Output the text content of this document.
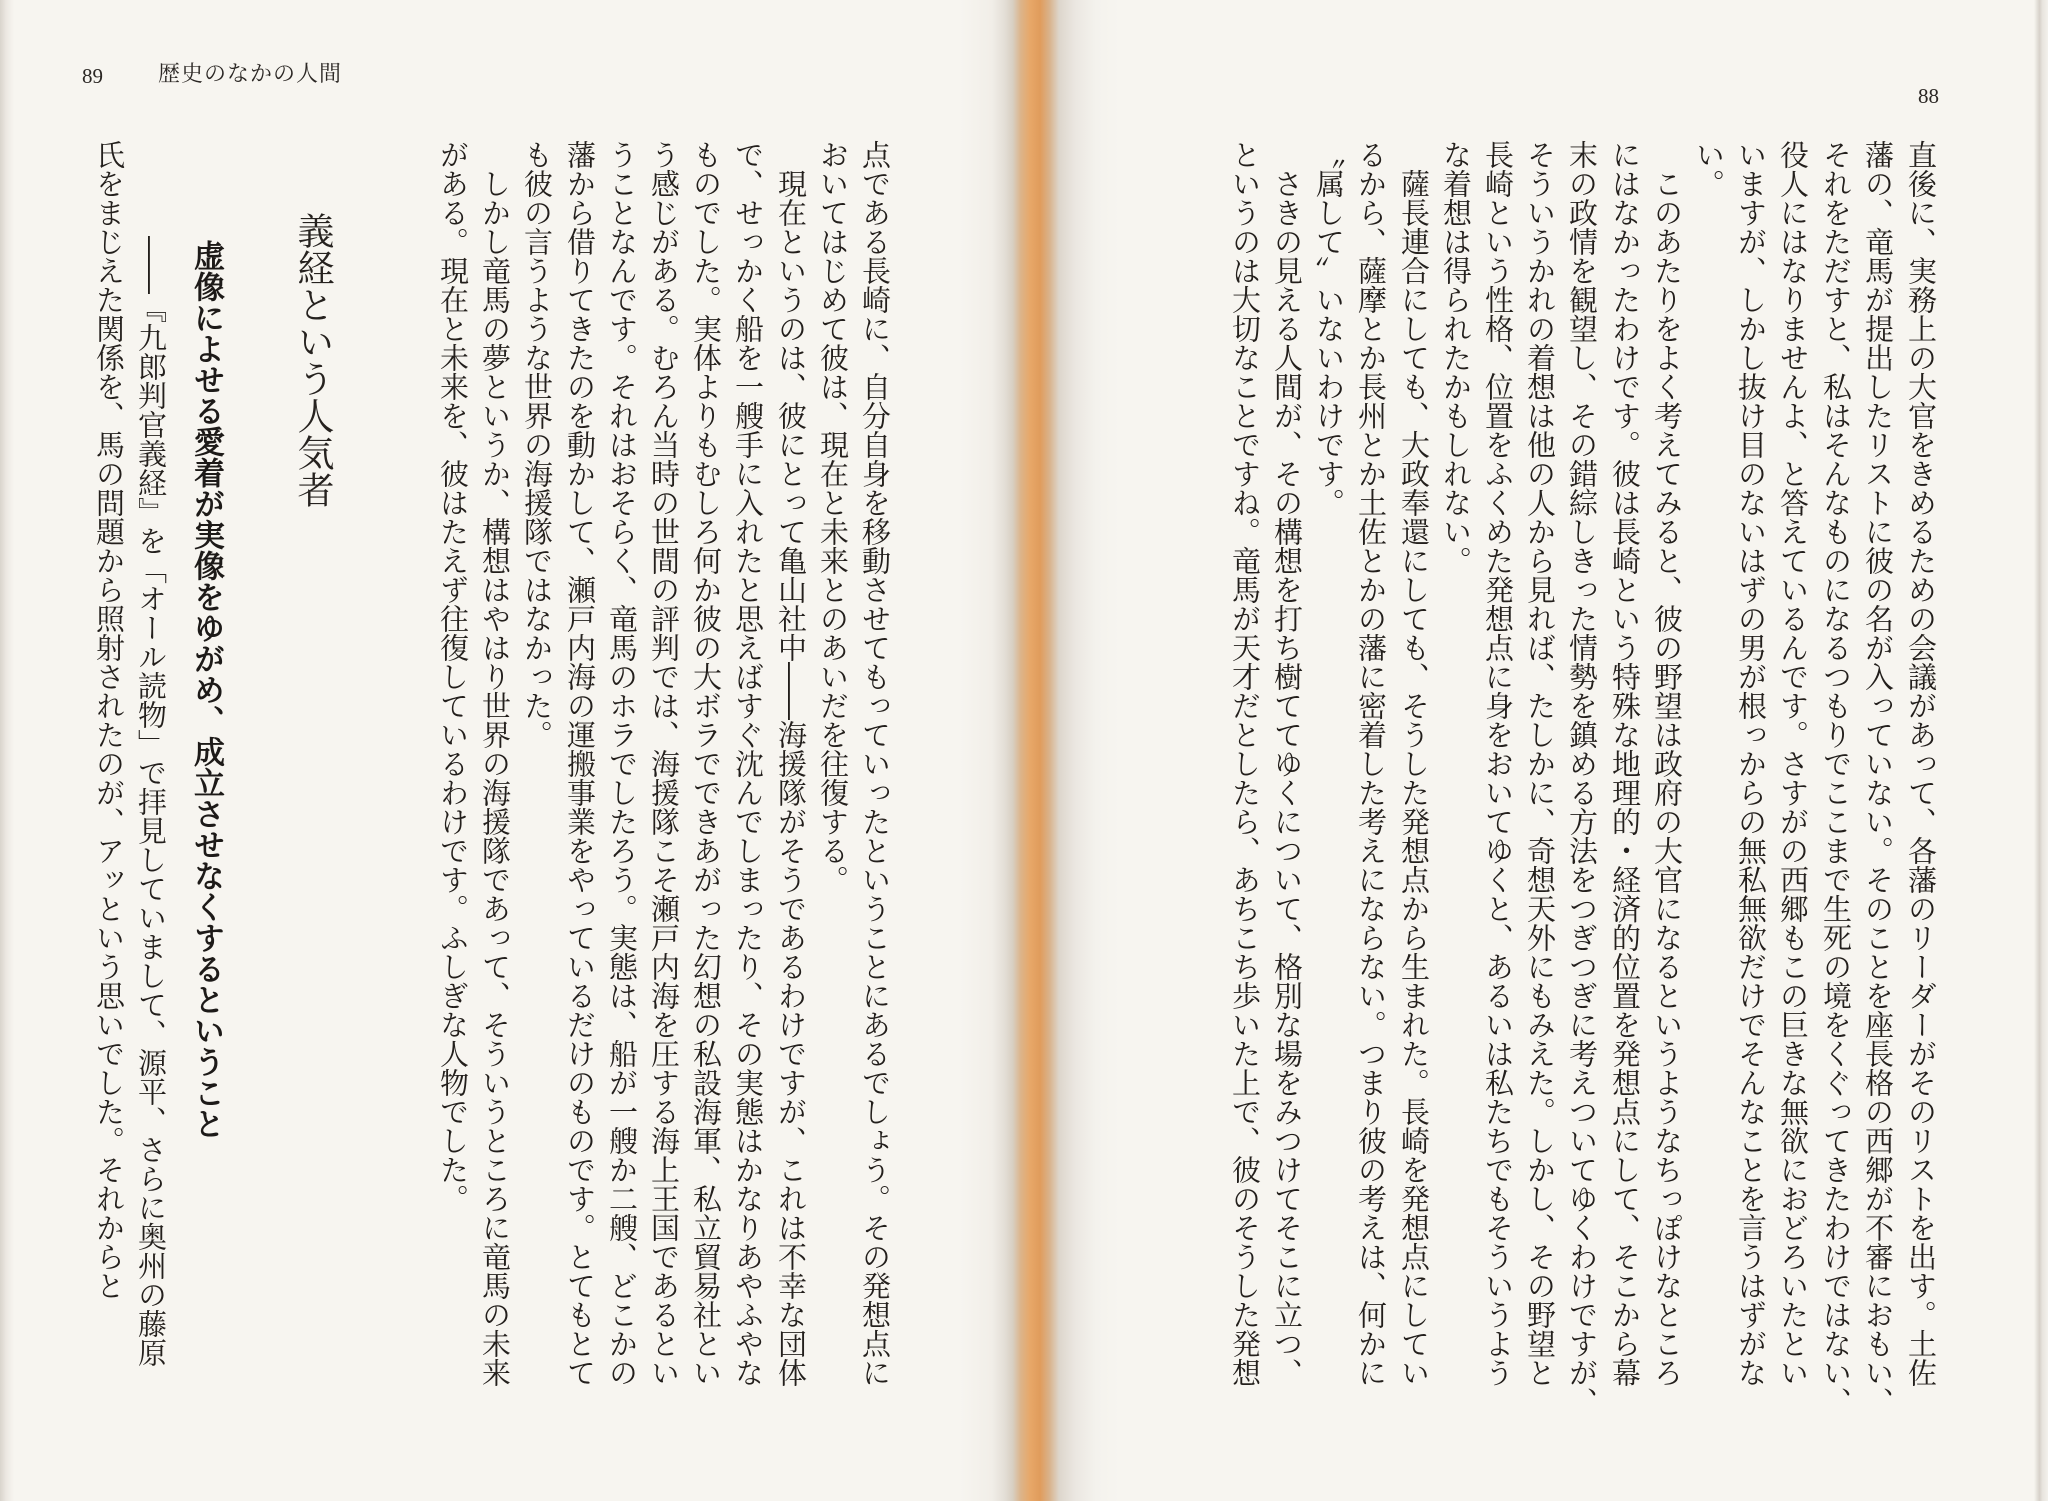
89	歴史のなかの人間
点である長崎に、自分自身を移動させてもっていったということにあるでしょう。その発想点に
おいてはじめて彼は、現在と未来とのあいだを往復する。
　現在というのは、彼にとって亀山社中――海援隊がそうであるわけですが、これは不幸な団体
で、せっかく船を一艘手に入れたと思えばすぐ沈んでしまったり、その実態はかなりあやふやな
ものでした。実体よりもむしろ何か彼の大ボラでできあがった幻想の私設海軍、私立貿易社とい
う感じがある。むろん当時の世間の評判では、海援隊こそ瀬戸内海を圧する海上王国であるとい
うことなんです。それはおそらく、竜馬のホラでしたろう。実態は、船が一艘か二艘、どこかの
藩から借りてきたのを動かして、瀬戸内海の運搬事業をやっているだけのものです。とてもとて
も彼の言うような世界の海援隊ではなかった。
　しかし竜馬の夢というか、構想はやはり世界の海援隊であって、そういうところに竜馬の未来
がある。現在と未来を、彼はたえず往復しているわけです。ふしぎな人物でした。
義経という人気者
虚像によせる愛着が実像をゆがめ、成立させなくするということ
――『九郎判官義経』を「オール読物」で拝見していまして、源平、さらに奥州の藤原
氏をまじえた関係を、馬の問題から照射されたのが、アッという思いでした。それからと
88
直後に、実務上の大官をきめるための会議があって、各藩のリーダーがそのリストを出す。土佐
藩の、竜馬が提出したリストに彼の名が入っていない。そのことを座長格の西郷が不審におもい、
それをただすと、私はそんなものになるつもりでここまで生死の境をくぐってきたわけではない、
役人にはなりませんよ、と答えているんです。さすがの西郷もこの巨きな無欲におどろいたとい
いますが、しかし抜け目のないはずの男が根っからの無私無欲だけでそんなことを言うはずがな
い。
　このあたりをよく考えてみると、彼の野望は政府の大官になるというようなちっぽけなところ
にはなかったわけです。彼は長崎という特殊な地理的・経済的位置を発想点にして、そこから幕
末の政情を観望し、その錯綜しきった情勢を鎮める方法をつぎつぎに考えついてゆくわけですが、
そういうかれの着想は他の人から見れば、たしかに、奇想天外にもみえた。しかし、その野望と
長崎という性格、位置をふくめた発想点に身をおいてゆくと、あるいは私たちでもそういうよう
な着想は得られたかもしれない。
　薩長連合にしても、大政奉還にしても、そうした発想点から生まれた。長崎を発想点にしてい
るから、薩摩とか長州とか土佐とかの藩に密着した考えにならない。つまり彼の考えは、何かに
〝属して〟いないわけです。
　さきの見える人間が、その構想を打ち樹ててゆくについて、格別な場をみつけてそこに立つ、
というのは大切なことですね。竜馬が天才だとしたら、あちこち歩いた上で、彼のそうした発想
